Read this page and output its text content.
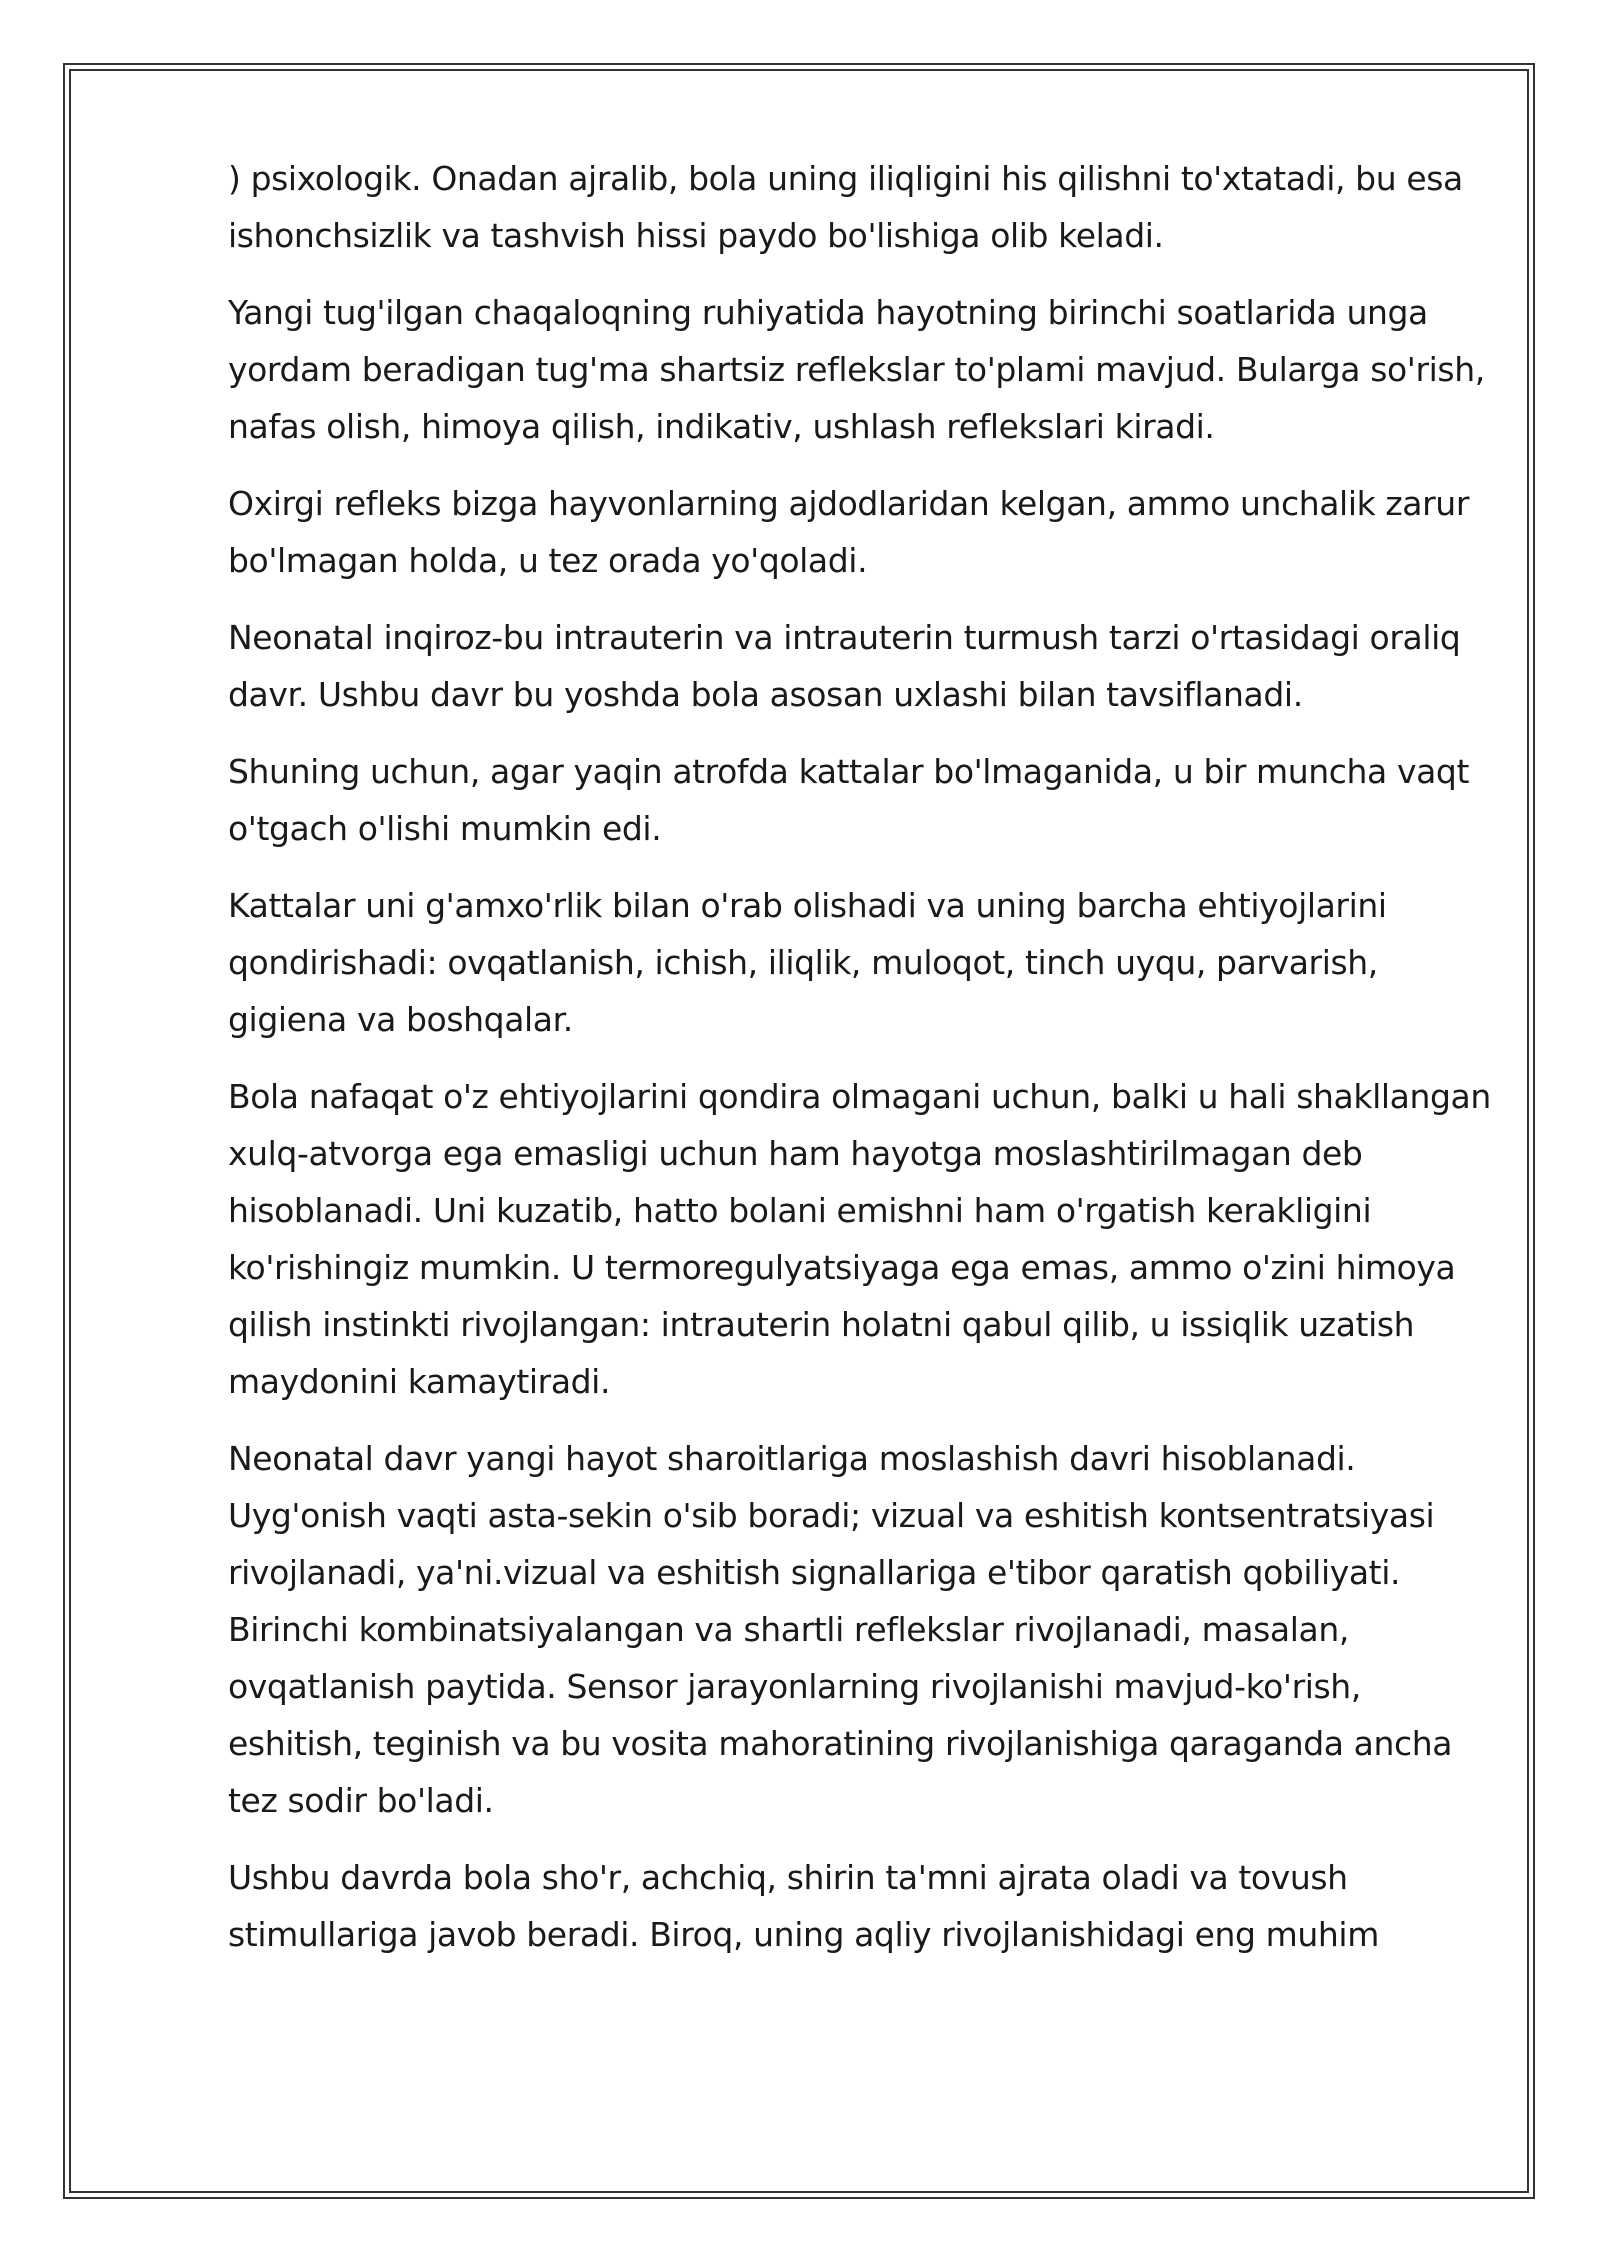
) psixologik. Onadan ajralib, bola uning iliqligini his qilishni to'xtatadi, bu esa ishonchsizlik va tashvish hissi paydo bo'lishiga olib keladi.

Yangi tug'ilgan chaqaloqning ruhiyatida hayotning birinchi soatlarida unga yordam beradigan tug'ma shartsiz reflekslar to'plami mavjud. Bularga so'rish, nafas olish, himoya qilish, indikativ, ushlash reflekslari kiradi.

Oxirgi refleks bizga hayvonlarning ajdodlaridan kelgan, ammo unchalik zarur bo'lmagan holda, u tez orada yo'qoladi.

Neonatal inqiroz-bu intrauterin va intrauterin turmush tarzi o'rtasidagi oraliq davr. Ushbu davr bu yoshda bola asosan uxlashi bilan tavsiflanadi.

Shuning uchun, agar yaqin atrofda kattalar bo'lmaganida, u bir muncha vaqt o'tgach o'lishi mumkin edi.

Kattalar uni g'amxo'rlik bilan o'rab olishadi va uning barcha ehtiyojlarini qondirishadi: ovqatlanish, ichish, iliqlik, muloqot, tinch uyqu, parvarish, gigiena va boshqalar.

Bola nafaqat o'z ehtiyojlarini qondira olmagani uchun, balki u hali shakllangan xulq-atvorga ega emasligi uchun ham hayotga moslashtirilmagan deb hisoblanadi. Uni kuzatib, hatto bolani emishni ham o'rgatish kerakligini ko'rishingiz mumkin. U termoregulyatsiyaga ega emas, ammo o'zini himoya qilish instinkti rivojlangan: intrauterin holatni qabul qilib, u issiqlik uzatish maydonini kamaytiradi.

Neonatal davr yangi hayot sharoitlariga moslashish davri hisoblanadi. Uyg'onish vaqti asta-sekin o'sib boradi; vizual va eshitish kontsentratsiyasi rivojlanadi, ya'ni.vizual va eshitish signallariga e'tibor qaratish qobiliyati. Birinchi kombinatsiyalangan va shartli reflekslar rivojlanadi, masalan, ovqatlanish paytida. Sensor jarayonlarning rivojlanishi mavjud-ko'rish, eshitish, teginish va bu vosita mahoratining rivojlanishiga qaraganda ancha tez sodir bo'ladi.

Ushbu davrda bola sho'r, achchiq, shirin ta'mni ajrata oladi va tovush stimullariga javob beradi. Biroq, uning aqliy rivojlanishidagi eng muhim
